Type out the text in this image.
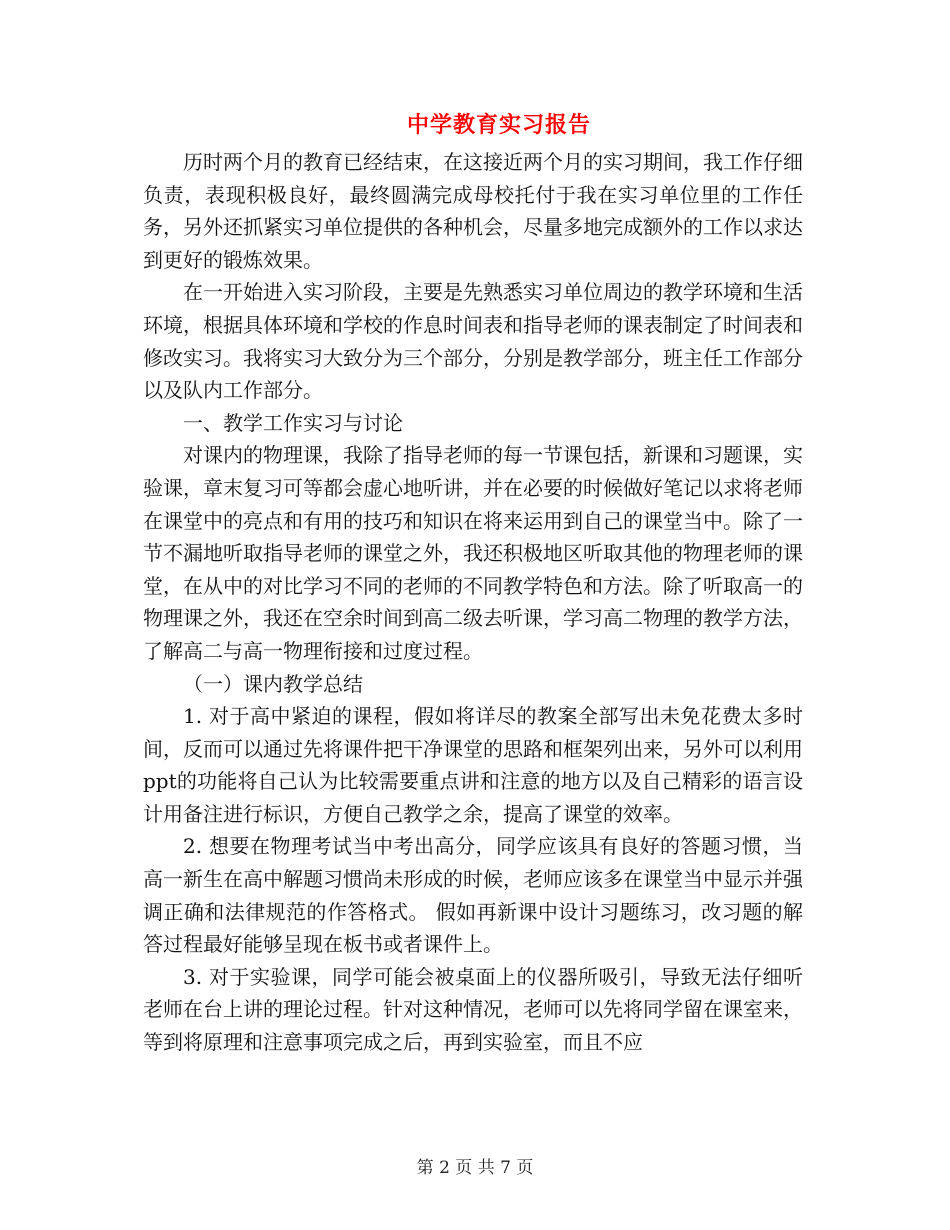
中学教育实习报告

历时两个月的教育已经结束，在这接近两个月的实习期间，我工作仔细负责，表现积极良好，最终圆满完成母校托付于我在实习单位里的工作任务，另外还抓紧实习单位提供的各种机会，尽量多地完成额外的工作以求达到更好的锻炼效果。

在一开始进入实习阶段，主要是先熟悉实习单位周边的教学环境和生活环境，根据具体环境和学校的作息时间表和指导老师的课表制定了时间表和修改实习。我将实习大致分为三个部分，分别是教学部分，班主任工作部分以及队内工作部分。

一、教学工作实习与讨论

对课内的物理课，我除了指导老师的每一节课包括，新课和习题课，实验课，章末复习可等都会虚心地听讲，并在必要的时候做好笔记以求将老师在课堂中的亮点和有用的技巧和知识在将来运用到自己的课堂当中。除了一节不漏地听取指导老师的课堂之外，我还积极地区听取其他的物理老师的课堂，在从中的对比学习不同的老师的不同教学特色和方法。除了听取高一的物理课之外，我还在空余时间到高二级去听课，学习高二物理的教学方法，了解高二与高一物理衔接和过度过程。

（一）课内教学总结

1. 对于高中紧迫的课程，假如将详尽的教案全部写出未免花费太多时间，反而可以通过先将课件把干净课堂的思路和框架列出来，另外可以利用ppt的功能将自己认为比较需要重点讲和注意的地方以及自己精彩的语言设计用备注进行标识，方便自己教学之余，提高了课堂的效率。

2. 想要在物理考试当中考出高分，同学应该具有良好的答题习惯，当高一新生在高中解题习惯尚未形成的时候，老师应该多在课堂当中显示并强调正确和法律规范的作答格式。 假如再新课中设计习题练习，改习题的解答过程最好能够呈现在板书或者课件上。

3. 对于实验课，同学可能会被桌面上的仪器所吸引，导致无法仔细听老师在台上讲的理论过程。针对这种情况，老师可以先将同学留在课室来，等到将原理和注意事项完成之后，再到实验室，而且不应

第 2 页 共 7 页
